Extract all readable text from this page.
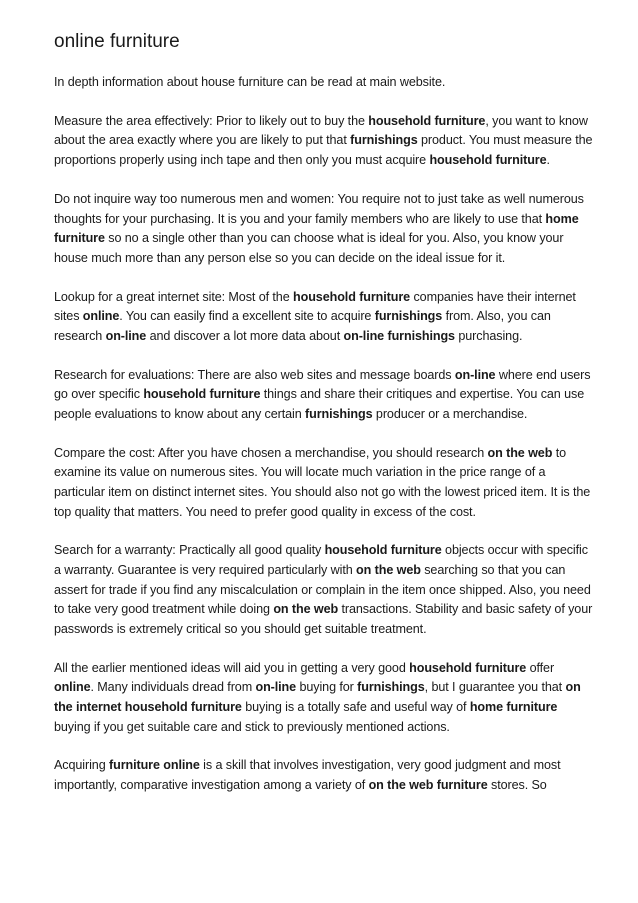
online furniture

In depth information about house furniture can be read at main website.

Measure the area effectively: Prior to likely out to buy the household furniture, you want to know about the area exactly where you are likely to put that furnishings product. You must measure the proportions properly using inch tape and then only you must acquire household furniture.

Do not inquire way too numerous men and women: You require not to just take as well numerous thoughts for your purchasing. It is you and your family members who are likely to use that home furniture so no a single other than you can choose what is ideal for you. Also, you know your house much more than any person else so you can decide on the ideal issue for it.

Lookup for a great internet site: Most of the household furniture companies have their internet sites online. You can easily find a excellent site to acquire furnishings from. Also, you can research on-line and discover a lot more data about on-line furnishings purchasing.

Research for evaluations: There are also web sites and message boards on-line where end users go over specific household furniture things and share their critiques and expertise. You can use people evaluations to know about any certain furnishings producer or a merchandise.

Compare the cost: After you have chosen a merchandise, you should research on the web to examine its value on numerous sites. You will locate much variation in the price range of a particular item on distinct internet sites. You should also not go with the lowest priced item. It is the top quality that matters. You need to prefer good quality in excess of the cost.

Search for a warranty: Practically all good quality household furniture objects occur with specific a warranty. Guarantee is very required particularly with on the web searching so that you can assert for trade if you find any miscalculation or complain in the item once shipped. Also, you need to take very good treatment while doing on the web transactions. Stability and basic safety of your passwords is extremely critical so you should get suitable treatment.

All the earlier mentioned ideas will aid you in getting a very good household furniture offer online. Many individuals dread from on-line buying for furnishings, but I guarantee you that on the internet household furniture buying is a totally safe and useful way of home furniture buying if you get suitable care and stick to previously mentioned actions.

Acquiring furniture online is a skill that involves investigation, very good judgment and most importantly, comparative investigation among a variety of on the web furniture stores. So
